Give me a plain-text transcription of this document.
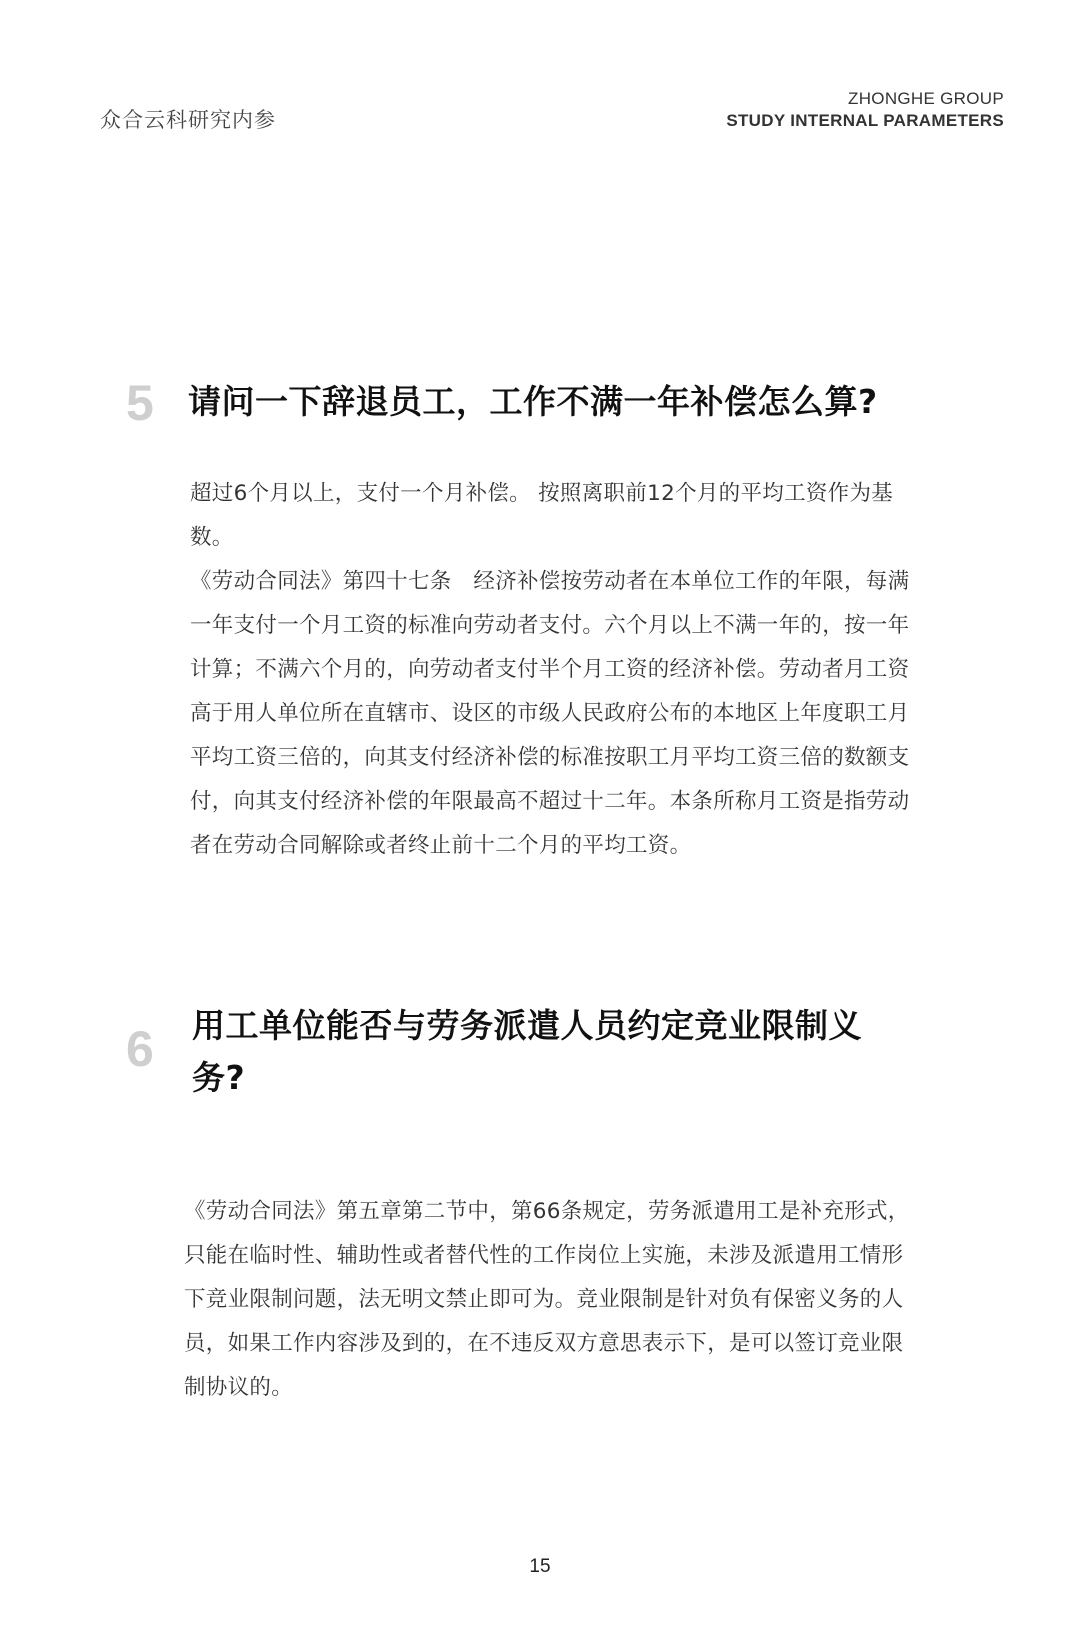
众合云科研究内参
ZHONGHE GROUP
STUDY INTERNAL PARAMETERS
5 请问一下辞退员工，工作不满一年补偿怎么算?

超过6个月以上，支付一个月补偿。 按照离职前12个月的平均工资作为基数。

《劳动合同法》第四十七条　经济补偿按劳动者在本单位工作的年限，每满一年支付一个月工资的标准向劳动者支付。六个月以上不满一年的，按一年计算；不满六个月的，向劳动者支付半个月工资的经济补偿。劳动者月工资高于用人单位所在直辖市、设区的市级人民政府公布的本地区上年度职工月平均工资三倍的，向其支付经济补偿的标准按职工月平均工资三倍的数额支付，向其支付经济补偿的年限最高不超过十二年。本条所称月工资是指劳动者在劳动合同解除或者终止前十二个月的平均工资。

6 用工单位能否与劳务派遣人员约定竞业限制义务?

《劳动合同法》第五章第二节中，第66条规定，劳务派遣用工是补充形式，只能在临时性、辅助性或者替代性的工作岗位上实施，未涉及派遣用工情形下竞业限制问题，法无明文禁止即可为。竞业限制是针对负有保密义务的人员，如果工作内容涉及到的，在不违反双方意思表示下，是可以签订竞业限制协议的。

15
